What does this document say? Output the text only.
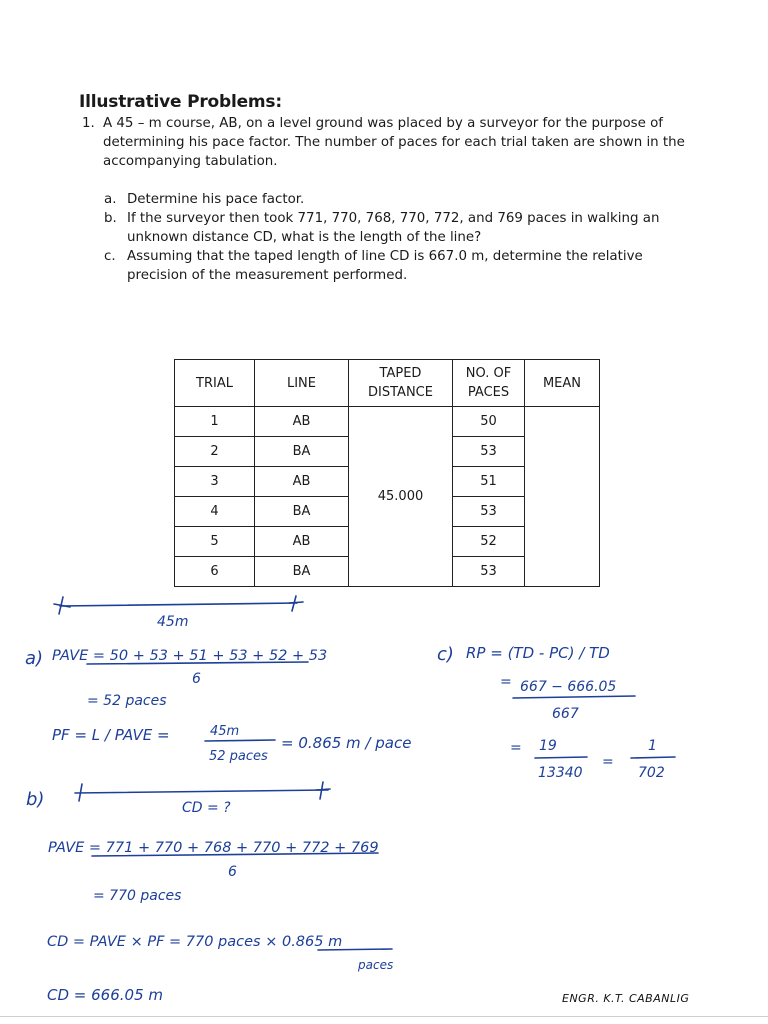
Illustrative Problems:
1. A 45 – m course, AB, on a level ground was placed by a surveyor for the purpose of determining his pace factor. The number of paces for each trial taken are shown in the accompanying tabulation.
a. Determine his pace factor.
b. If the surveyor then took 771, 770, 768, 770, 772, and 769 paces in walking an unknown distance CD, what is the length of the line?
c. Assuming that the taped length of line CD is 667.0 m, determine the relative precision of the measurement performed.
TRIAL	LINE	TAPED DISTANCE	NO. OF PACES	MEAN
1	AB	45.000	50	
2	BA		53	
3	AB		51	
4	BA		53	
5	AB		52	
6	BA		53	
45m
a) PAVE = 50 + 53 + 51 + 53 + 52 + 53
6
= 52 paces
PF = L / PAVE =	45m
52 paces
= 0.865 m / pace
b)	CD = ?
PAVE = 771 + 770 + 768 + 770 + 772 + 769
6
= 770 paces
CD = PAVE × PF = 770 paces × 0.865 m
paces
CD = 666.05 m
c) RP = (TD - PC) / TD
= 667 − 666.05
667
= 19
13340
=
1
702
ENGR. K.T. CABANLIG
